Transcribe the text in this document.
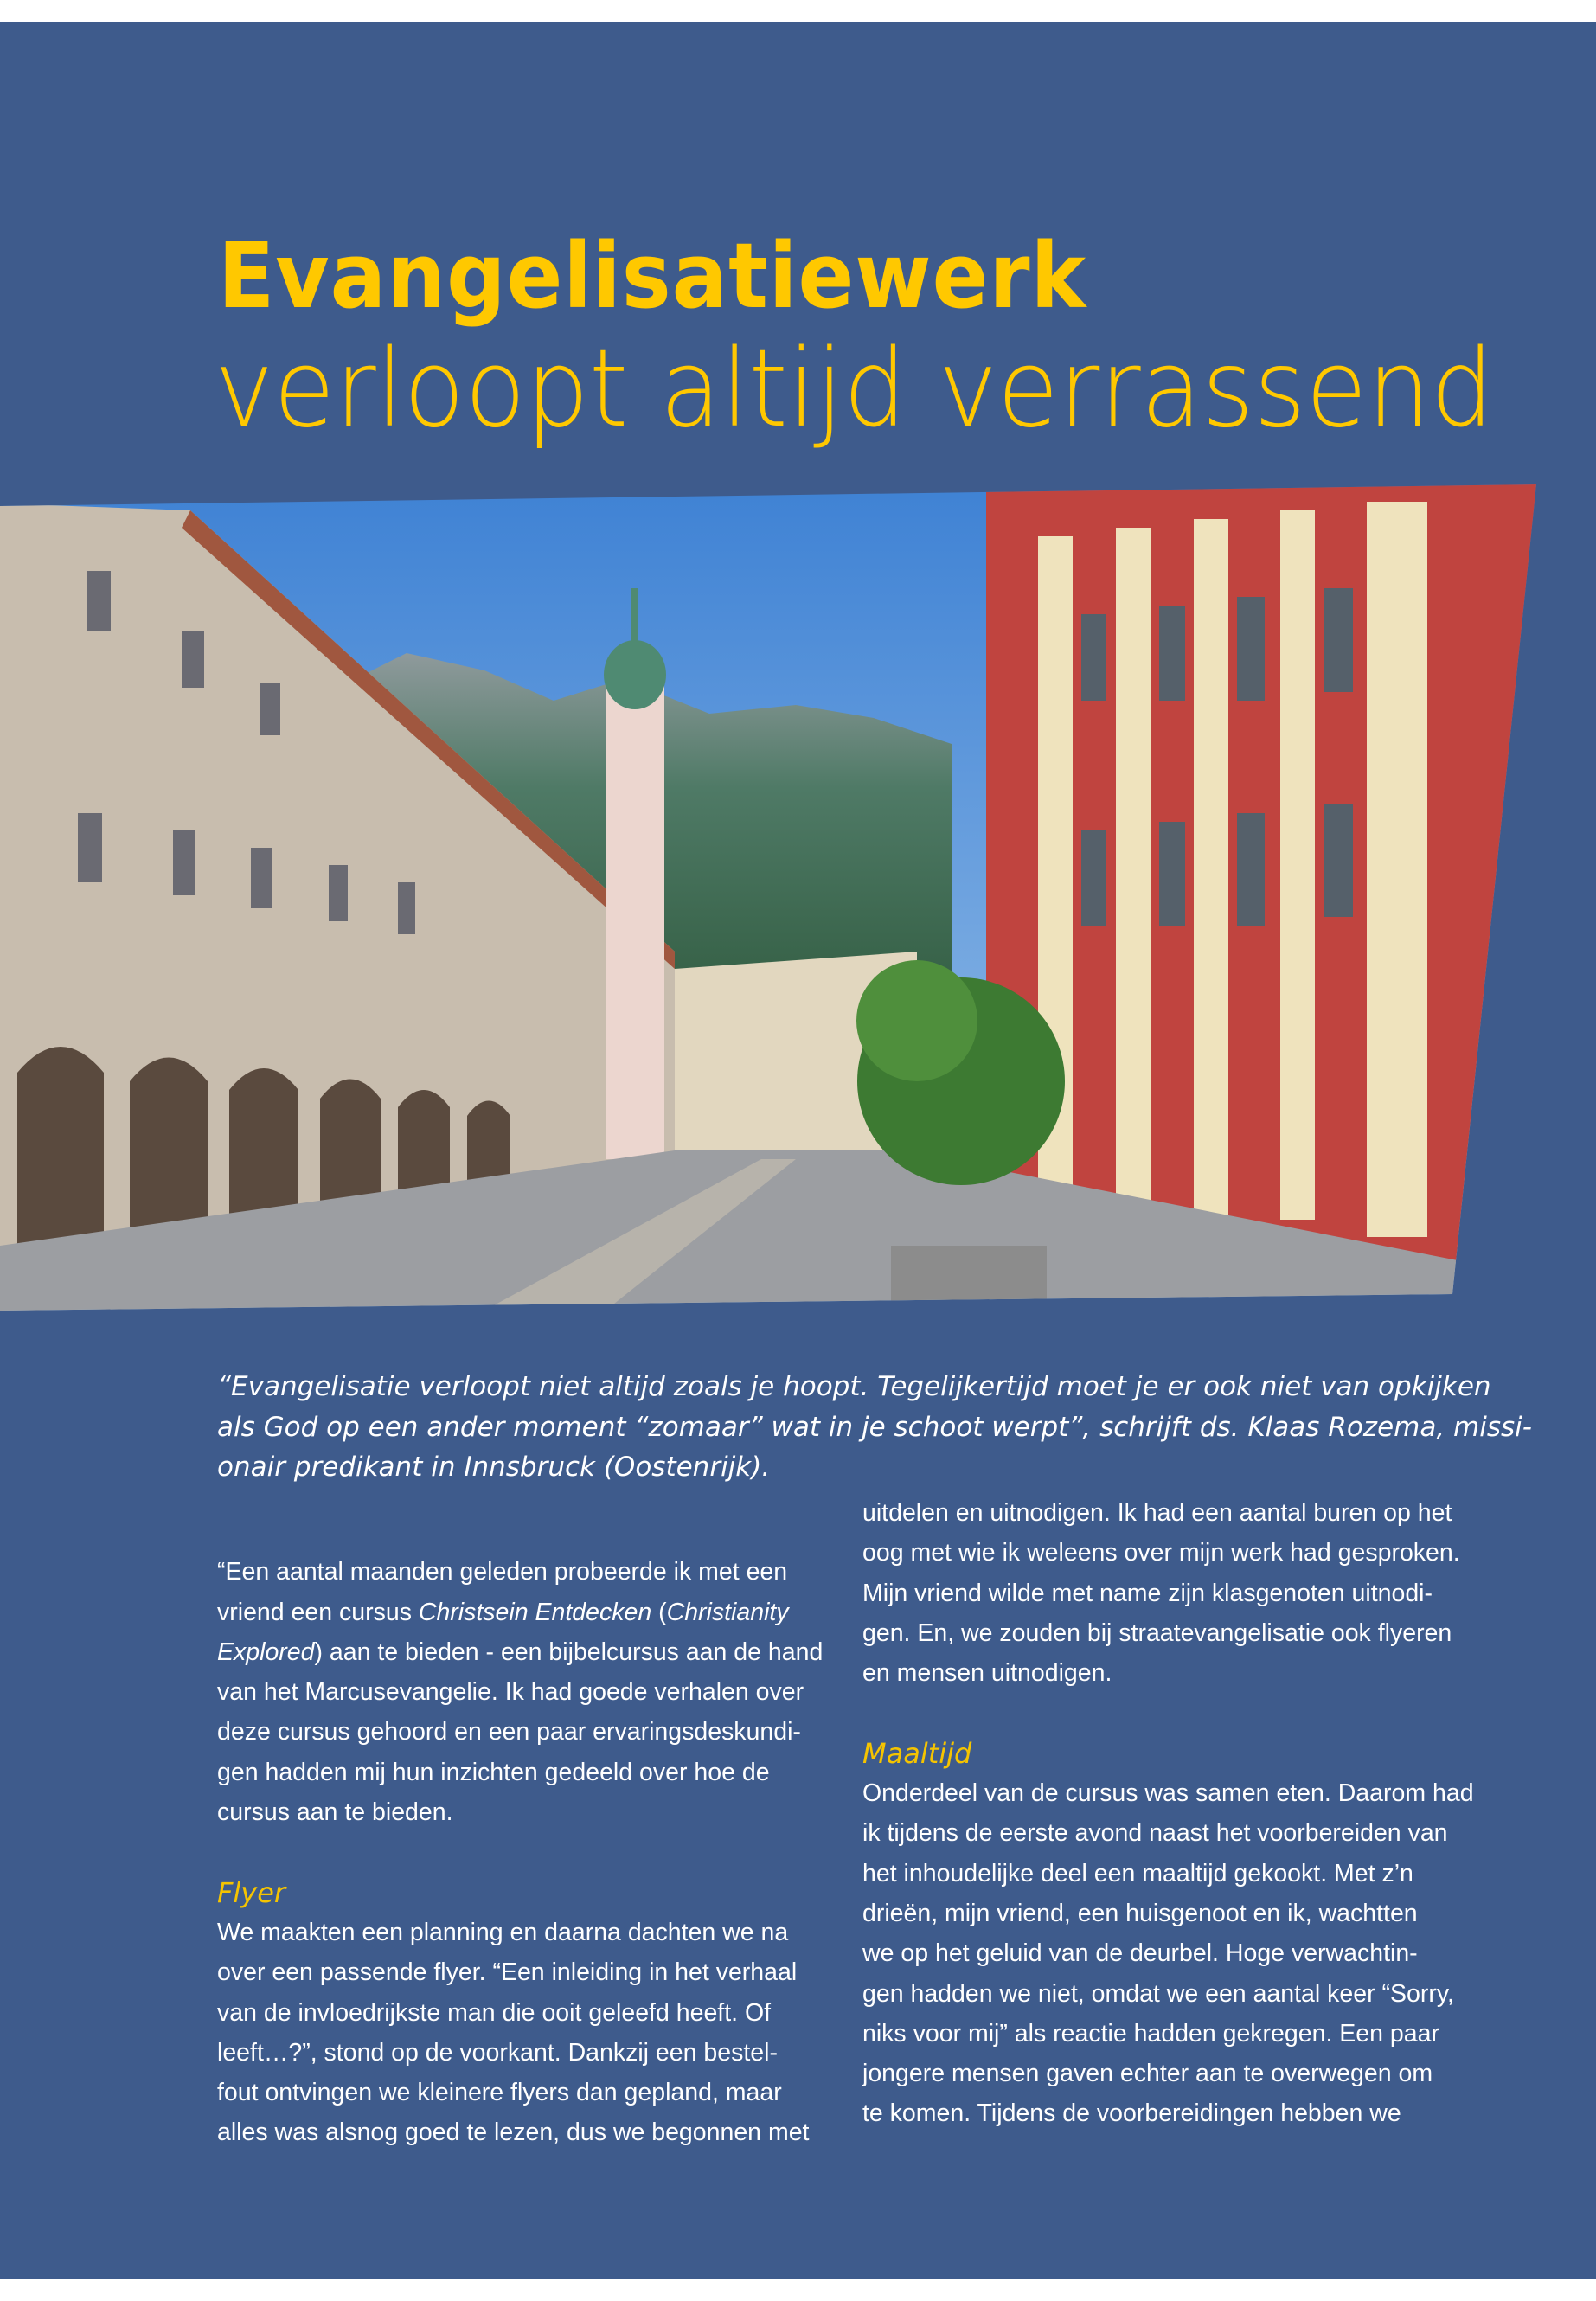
Evangelisatiewerk
verloopt altijd verrassend
“Evangelisatie verloopt niet altijd zoals je hoopt. Tegelijkertijd moet je er ook niet van opkijken
als God op een ander moment “zomaar” wat in je schoot werpt”, schrijft ds. Klaas Rozema, missi-
onair predikant in Innsbruck (Oostenrijk).
“Een aantal maanden geleden probeerde ik met een
vriend een cursus Christsein Entdecken (Christianity
Explored) aan te bieden - een bijbelcursus aan de hand
van het Marcusevangelie. Ik had goede verhalen over
deze cursus gehoord en een paar ervaringsdeskundi-
gen hadden mij hun inzichten gedeeld over hoe de
cursus aan te bieden.
Flyer
We maakten een planning en daarna dachten we na
over een passende flyer. “Een inleiding in het verhaal
van de invloedrijkste man die ooit geleefd heeft. Of
leeft…?”, stond op de voorkant. Dankzij een bestel-
fout ontvingen we kleinere flyers dan gepland, maar
alles was alsnog goed te lezen, dus we begonnen met
uitdelen en uitnodigen. Ik had een aantal buren op het
oog met wie ik weleens over mijn werk had gesproken.
Mijn vriend wilde met name zijn klasgenoten uitnodi-
gen. En, we zouden bij straatevangelisatie ook flyeren
en mensen uitnodigen.
Maaltijd
Onderdeel van de cursus was samen eten. Daarom had
ik tijdens de eerste avond naast het voorbereiden van
het inhoudelijke deel een maaltijd gekookt. Met z’n
drieën, mijn vriend, een huisgenoot en ik, wachtten
we op het geluid van de deurbel. Hoge verwachtin-
gen hadden we niet, omdat we een aantal keer “Sorry,
niks voor mij” als reactie hadden gekregen. Een paar
jongere mensen gaven echter aan te overwegen om
te komen. Tijdens de voorbereidingen hebben we
